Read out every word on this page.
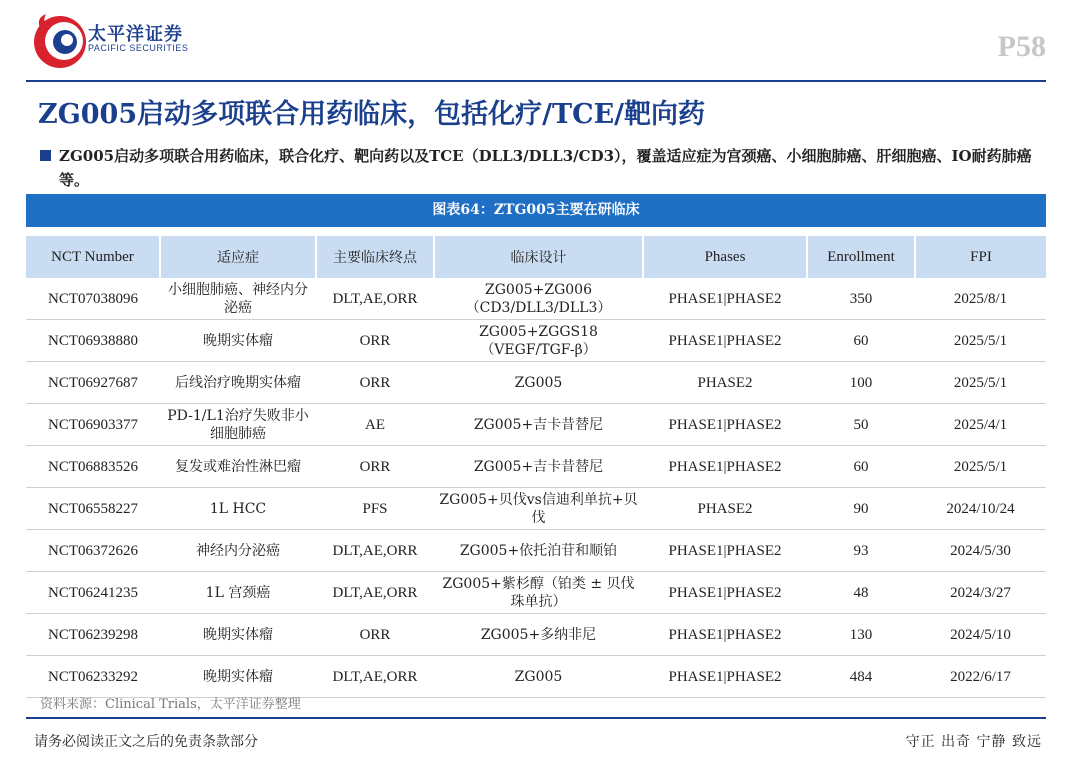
太平洋证券
PACIFIC SECURITIES	P58
ZG005启动多项联合用药临床，包括化疗/TCE/靶向药
ZG005启动多项联合用药临床，联合化疗、靶向药以及TCE（DLL3/DLL3/CD3），覆盖适应症为宫颈癌、小细胞肺癌、肝细胞癌、IO耐药肺癌等。
图表64：ZTG005主要在研临床
NCT Number	适应症	主要临床终点	临床设计	Phases	Enrollment	FPI
NCT07038096	小细胞肺癌、神经内分泌癌	DLT,AE,ORR	ZG005+ZG006（CD3/DLL3/DLL3）	PHASE1|PHASE2	350	2025/8/1
NCT06938880	晚期实体瘤	ORR	ZG005+ZGGS18（VEGF/TGF-β）	PHASE1|PHASE2	60	2025/5/1
NCT06927687	后线治疗晚期实体瘤	ORR	ZG005	PHASE2	100	2025/5/1
NCT06903377	PD-1/L1治疗失败非小细胞肺癌	AE	ZG005+吉卡昔替尼	PHASE1|PHASE2	50	2025/4/1
NCT06883526	复发或难治性淋巴瘤	ORR	ZG005+吉卡昔替尼	PHASE1|PHASE2	60	2025/5/1
NCT06558227	1L HCC	PFS	ZG005+贝伐vs信迪利单抗+贝伐	PHASE2	90	2024/10/24
NCT06372626	神经内分泌癌	DLT,AE,ORR	ZG005+依托泊苷和顺铂	PHASE1|PHASE2	93	2024/5/30
NCT06241235	1L 宫颈癌	DLT,AE,ORR	ZG005+紫杉醇（铂类 ± 贝伐珠单抗）	PHASE1|PHASE2	48	2024/3/27
NCT06239298	晚期实体瘤	ORR	ZG005+多纳非尼	PHASE1|PHASE2	130	2024/5/10
NCT06233292	晚期实体瘤	DLT,AE,ORR	ZG005	PHASE1|PHASE2	484	2022/6/17
资料来源：Clinical Trials，太平洋证券整理
请务必阅读正文之后的免责条款部分	守正 出奇 宁静 致远
